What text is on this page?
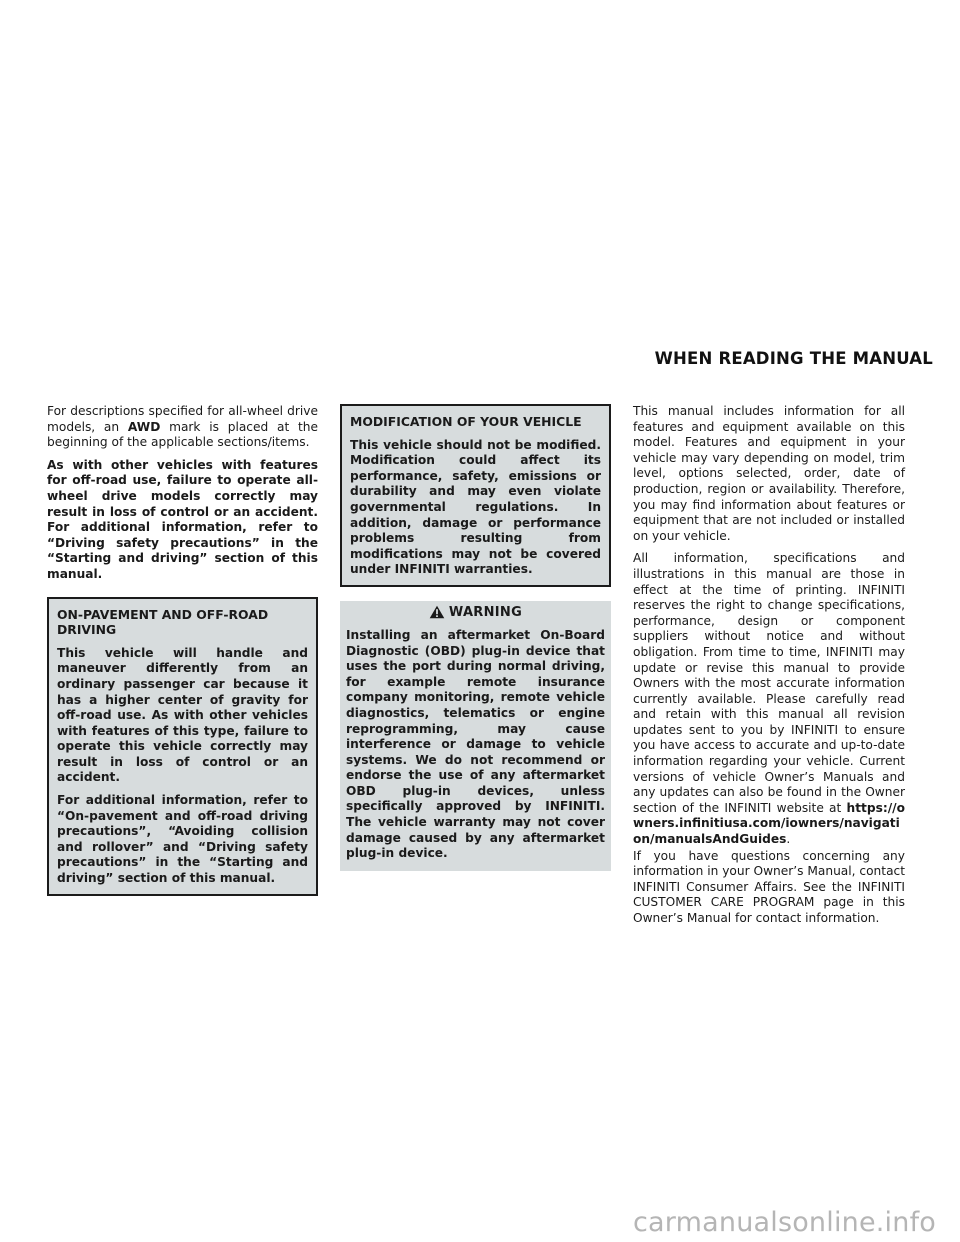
WHEN READING THE MANUAL

For descriptions specified for all-wheel drive models, an AWD mark is placed at the beginning of the applicable sections/items.

As with other vehicles with features for off-road use, failure to operate all-wheel drive models correctly may result in loss of control or an accident. For additional information, refer to “Driving safety precautions” in the “Starting and driving” section of this manual.

ON-PAVEMENT AND OFF-ROAD DRIVING

This vehicle will handle and maneuver differently from an ordinary passenger car because it has a higher center of gravity for off-road use. As with other vehicles with features of this type, failure to operate this vehicle correctly may result in loss of control or an accident.

For additional information, refer to “On-pavement and off-road driving precautions”, “Avoiding collision and rollover” and “Driving safety precautions” in the “Starting and driving” section of this manual.

MODIFICATION OF YOUR VEHICLE

This vehicle should not be modified. Modification could affect its performance, safety, emissions or durability and may even violate governmental regulations. In addition, damage or performance problems resulting from modifications may not be covered under INFINITI warranties.

WARNING

Installing an aftermarket On-Board Diagnostic (OBD) plug-in device that uses the port during normal driving, for example remote insurance company monitoring, remote vehicle diagnostics, telematics or engine reprogramming, may cause interference or damage to vehicle systems. We do not recommend or endorse the use of any aftermarket OBD plug-in devices, unless specifically approved by INFINITI. The vehicle warranty may not cover damage caused by any aftermarket plug-in device.

This manual includes information for all features and equipment available on this model. Features and equipment in your vehicle may vary depending on model, trim level, options selected, order, date of production, region or availability. Therefore, you may find information about features or equipment that are not included or installed on your vehicle.

All information, specifications and illustrations in this manual are those in effect at the time of printing. INFINITI reserves the right to change specifications, performance, design or component suppliers without notice and without obligation. From time to time, INFINITI may update or revise this manual to provide Owners with the most accurate information currently available. Please carefully read and retain with this manual all revision updates sent to you by INFINITI to ensure you have access to accurate and up-to-date information regarding your vehicle. Current versions of vehicle Owner’s Manuals and any updates can also be found in the Owner section of the INFINITI website at https://owners.infinitiusa.com/iowners/navigation/manualsAndGuides.

If you have questions concerning any information in your Owner’s Manual, contact INFINITI Consumer Affairs. See the INFINITI CUSTOMER CARE PROGRAM page in this Owner’s Manual for contact information.

carmanualsonline.info
